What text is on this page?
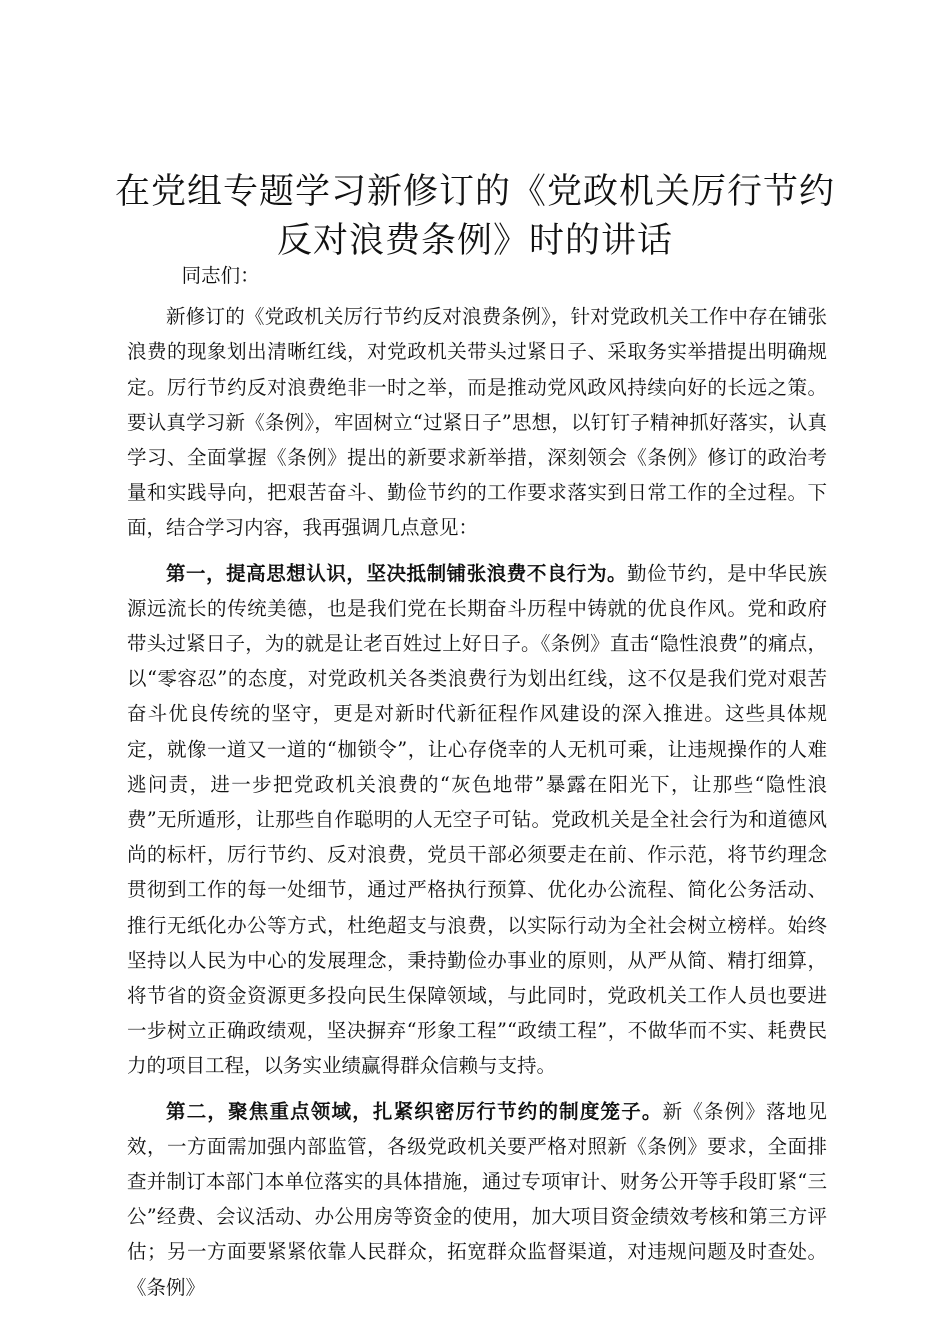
在党组专题学习新修订的《党政机关厉行节约
反对浪费条例》时的讲话

同志们：

新修订的《党政机关厉行节约反对浪费条例》，针对党政机关工作中存在铺张浪费的现象划出清晰红线，对党政机关带头过紧日子、采取务实举措提出明确规定。厉行节约反对浪费绝非一时之举，而是推动党风政风持续向好的长远之策。要认真学习新《条例》，牢固树立“过紧日子”思想，以钉钉子精神抓好落实，认真学习、全面掌握《条例》提出的新要求新举措，深刻领会《条例》修订的政治考量和实践导向，把艰苦奋斗、勤俭节约的工作要求落实到日常工作的全过程。下面，结合学习内容，我再强调几点意见：

第一，提高思想认识，坚决抵制铺张浪费不良行为。勤俭节约，是中华民族源远流长的传统美德，也是我们党在长期奋斗历程中铸就的优良作风。党和政府带头过紧日子，为的就是让老百姓过上好日子。《条例》直击“隐性浪费”的痛点，以“零容忍”的态度，对党政机关各类浪费行为划出红线，这不仅是我们党对艰苦奋斗优良传统的坚守，更是对新时代新征程作风建设的深入推进。这些具体规定，就像一道又一道的“枷锁令”，让心存侥幸的人无机可乘，让违规操作的人难逃问责，进一步把党政机关浪费的“灰色地带”暴露在阳光下，让那些“隐性浪费”无所遁形，让那些自作聪明的人无空子可钻。党政机关是全社会行为和道德风尚的标杆，厉行节约、反对浪费，党员干部必须要走在前、作示范，将节约理念贯彻到工作的每一处细节，通过严格执行预算、优化办公流程、简化公务活动、推行无纸化办公等方式，杜绝超支与浪费，以实际行动为全社会树立榜样。始终坚持以人民为中心的发展理念，秉持勤俭办事业的原则，从严从简、精打细算，将节省的资金资源更多投向民生保障领域，与此同时，党政机关工作人员也要进一步树立正确政绩观，坚决摒弃“形象工程”“政绩工程”，不做华而不实、耗费民力的项目工程，以务实业绩赢得群众信赖与支持。

第二，聚焦重点领域，扎紧织密厉行节约的制度笼子。新《条例》落地见效，一方面需加强内部监管，各级党政机关要严格对照新《条例》要求，全面排查并制订本部门本单位落实的具体措施，通过专项审计、财务公开等手段盯紧“三公”经费、会议活动、办公用房等资金的使用，加大项目资金绩效考核和第三方评估；另一方面要紧紧依靠人民群众，拓宽群众监督渠道，对违规问题及时查处。《条例》
